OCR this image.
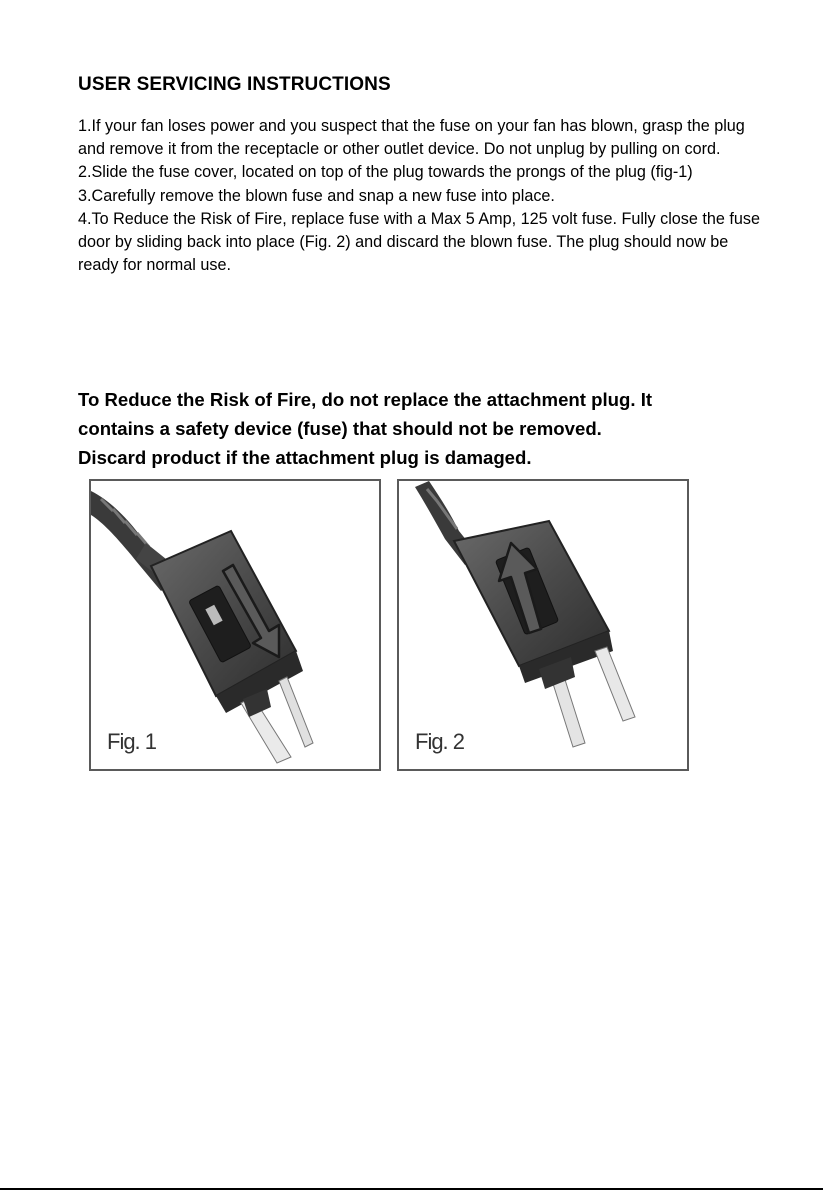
USER SERVICING INSTRUCTIONS

1.If your fan loses power and you suspect that the fuse on your fan has blown, grasp the plug and remove it from the receptacle or other outlet device. Do not unplug by pulling on cord.

2.Slide the fuse cover, located on top of the plug towards the prongs of the plug (fig-1)

3.Carefully remove the blown fuse and snap a new fuse into place.

4.To Reduce the Risk of Fire, replace fuse with a Max 5 Amp, 125 volt fuse. Fully close the fuse door by sliding back into place (Fig. 2) and discard the blown fuse. The plug should now be ready for normal use.

To Reduce the Risk of Fire, do not replace the attachment plug. It

contains a safety device (fuse) that should not be removed.

Discard product if the attachment plug is damaged.

Fig. 1	Fig. 2
